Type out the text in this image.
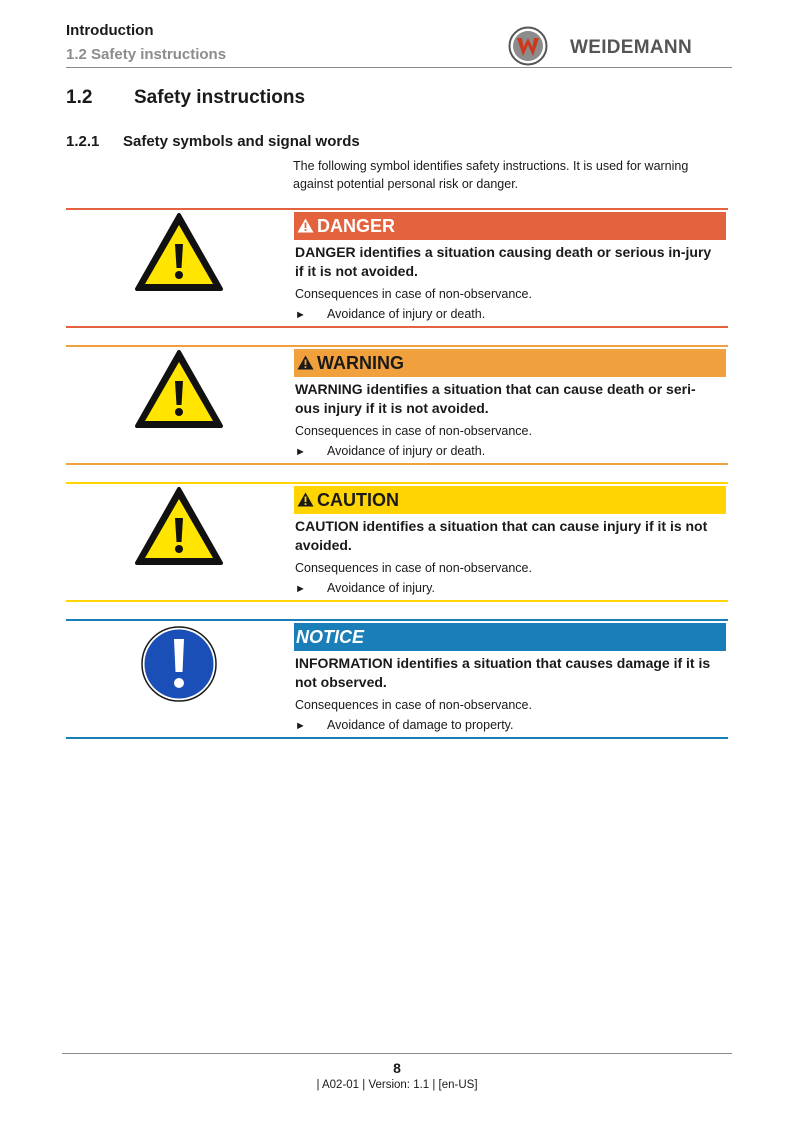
Introduction
1.2 Safety instructions	WEIDEMANN
1.2 Safety instructions
1.2.1 Safety symbols and signal words
The following symbol identifies safety instructions. It is used for warning against potential personal risk or danger.
DANGER
DANGER identifies a situation causing death or serious in-jury if it is not avoided.
Consequences in case of non-observance.
► Avoidance of injury or death.
WARNING
WARNING identifies a situation that can cause death or seri-ous injury if it is not avoided.
Consequences in case of non-observance.
► Avoidance of injury or death.
CAUTION
CAUTION identifies a situation that can cause injury if it is not avoided.
Consequences in case of non-observance.
► Avoidance of injury.
NOTICE
INFORMATION identifies a situation that causes damage if it is not observed.
Consequences in case of non-observance.
► Avoidance of damage to property.
8
| A02-01 | Version: 1.1 | [en-US]
